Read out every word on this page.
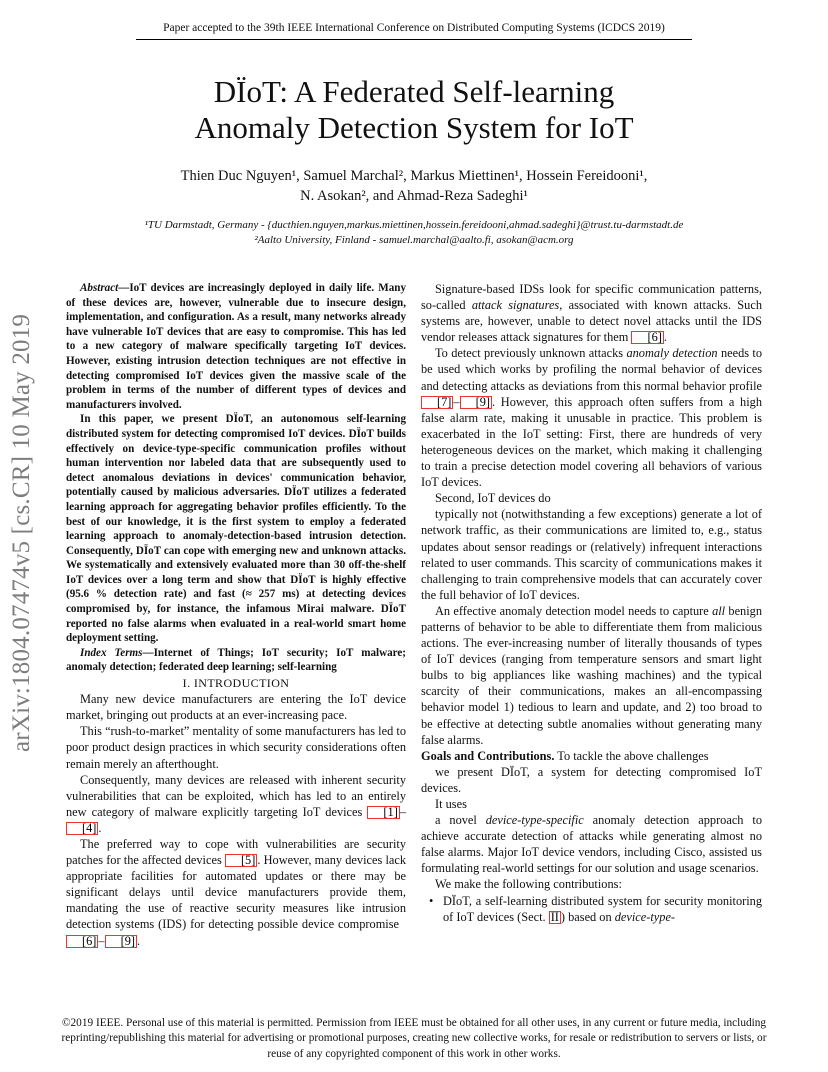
Paper accepted to the 39th IEEE International Conference on Distributed Computing Systems (ICDCS 2019)
DÏoT: A Federated Self-learning
Anomaly Detection System for IoT
Thien Duc Nguyen¹, Samuel Marchal², Markus Miettinen¹, Hossein Fereidooni¹,
N. Asokan², and Ahmad-Reza Sadeghi¹
¹TU Darmstadt, Germany - {ducthien.nguyen,markus.miettinen,hossein.fereidooni,ahmad.sadeghi}@trust.tu-darmstadt.de
²Aalto University, Finland - samuel.marchal@aalto.fi, asokan@acm.org
arXiv:1804.07474v5 [cs.CR] 10 May 2019

Abstract—IoT devices are increasingly deployed in daily life. Many of these devices are, however, vulnerable due to insecure design, implementation, and configuration. As a result, many networks already have vulnerable IoT devices that are easy to compromise. This has led to a new category of malware specifically targeting IoT devices. However, existing intrusion detection techniques are not effective in detecting compromised IoT devices given the massive scale of the problem in terms of the number of different types of devices and manufacturers involved.

In this paper, we present DÏoT, an autonomous self-learning distributed system for detecting compromised IoT devices. DÏoT builds effectively on device-type-specific communication profiles without human intervention nor labeled data that are subsequently used to detect anomalous deviations in devices' communication behavior, potentially caused by malicious adversaries. DÏoT utilizes a federated learning approach for aggregating behavior profiles efficiently. To the best of our knowledge, it is the first system to employ a federated learning approach to anomaly-detection-based intrusion detection. Consequently, DÏoT can cope with emerging new and unknown attacks. We systematically and extensively evaluated more than 30 off-the-shelf IoT devices over a long term and show that DÏoT is highly effective (95.6 % detection rate) and fast (≈ 257 ms) at detecting devices compromised by, for instance, the infamous Mirai malware. DÏoT reported no false alarms when evaluated in a real-world smart home deployment setting.

Index Terms—Internet of Things; IoT security; IoT malware; anomaly detection; federated deep learning; self-learning

I. INTRODUCTION

Many new device manufacturers are entering the IoT device market, bringing out products at an ever-increasing pace.

This “rush-to-market” mentality of some manufacturers has led to poor product design practices in which security considerations often remain merely an afterthought.

Consequently, many devices are released with inherent security vulnerabilities that can be exploited, which has led to an entirely new category of malware explicitly targeting IoT devices [1] –[4] .

The preferred way to cope with vulnerabilities are security patches for the affected devices [5] . However, many devices lack appropriate facilities for automated updates or there may be significant delays until device manufacturers provide them, mandating the use of reactive security measures like intrusion detection systems (IDS) for detecting possible device compromise  [6] – [9] .

Signature-based IDSs look for specific communication patterns, so-called attack signatures, associated with known attacks. Such systems are, however, unable to detect novel attacks until the IDS vendor releases attack signatures for them [6] .

To detect previously unknown attacks anomaly detection needs to be used which works by profiling the normal behavior of devices and detecting attacks as deviations from this normal behavior profile [7] – [9] . However, this approach often suffers from a high false alarm rate, making it unusable in practice. This problem is exacerbated in the IoT setting: First, there are hundreds of very heterogeneous devices on the market, which making it challenging to train a precise detection model covering all behaviors of various IoT devices.

Second, IoT devices do

typically not (notwithstanding a few exceptions) generate a lot of network traffic, as their communications are limited to, e.g., status updates about sensor readings or (relatively) infrequent interactions related to user commands. This scarcity of communications makes it challenging to train comprehensive models that can accurately cover the full behavior of IoT devices.

An effective anomaly detection model needs to capture all benign patterns of behavior to be able to differentiate them from malicious actions. The ever-increasing number of literally thousands of types of IoT devices (ranging from temperature sensors and smart light bulbs to big appliances like washing machines) and the typical scarcity of their communications, makes an all-encompassing behavior model 1) tedious to learn and update, and 2) too broad to be effective at detecting subtle anomalies without generating many false alarms.

Goals and Contributions. To tackle the above challenges

we present DÏoT, a system for detecting compromised IoT devices.

It uses

a novel device-type-specific anomaly detection approach to achieve accurate detection of attacks while generating almost no false alarms. Major IoT device vendors, including Cisco, assisted us formulating real-world settings for our solution and usage scenarios.

We make the following contributions:

• DÏoT, a self-learning distributed system for security monitoring of IoT devices (Sect. II ) based on device-type-
©2019 IEEE. Personal use of this material is permitted. Permission from IEEE must be obtained for all other uses, in any current or future media, including reprinting/republishing this material for advertising or promotional purposes, creating new collective works, for resale or redistribution to servers or lists, or reuse of any copyrighted component of this work in other works.
